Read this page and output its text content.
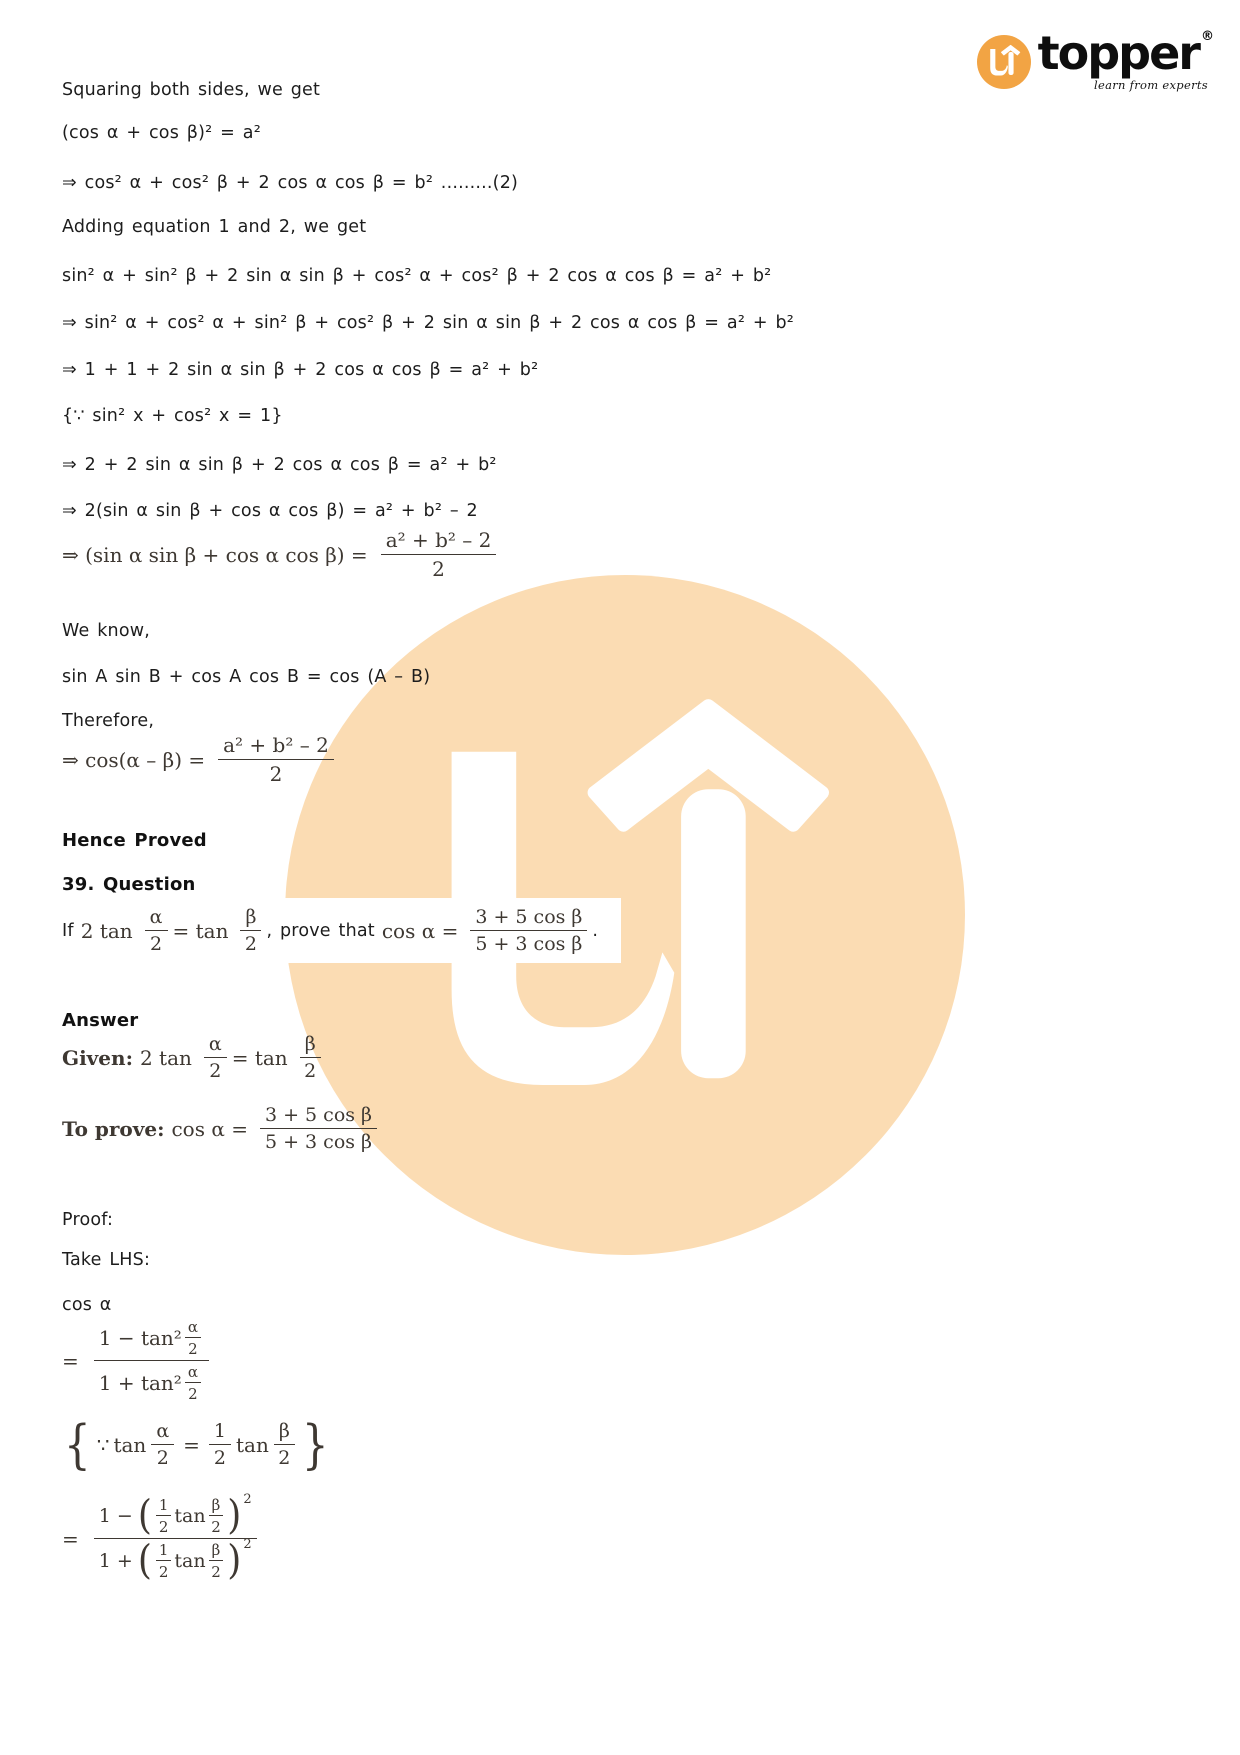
topper ®
learn from experts

Squaring both sides, we get

(cos α + cos β)² = a²

⇒ cos² α + cos² β + 2 cos α cos β = b² .........(2)

Adding equation 1 and 2, we get

sin² α + sin² β + 2 sin α sin β + cos² α + cos² β + 2 cos α cos β = a² + b²

⇒ sin² α + cos² α + sin² β + cos² β + 2 sin α sin β + 2 cos α cos β = a² + b²

⇒ 1 + 1 + 2 sin α sin β + 2 cos α cos β = a² + b²

{∵ sin² x + cos² x = 1}

⇒ 2 + 2 sin α sin β + 2 cos α cos β = a² + b²

⇒ 2(sin α sin β + cos α cos β) = a² + b² – 2

⇒ (sin α sin β + cos α $\cos \beta) = \frac{\text{a² + b² – 2}}{2}$

We know,

sin A sin B + cos A cos B = cos (A – B)

Therefore,

⇒ $\cos(\alpha - \beta) = \frac{\text{a² + b² – 2}}{2}$

Hence Proved

39. Question

If 2 $\tan \frac{\alpha}{2} = \tan \frac{\beta}{2}$ , prove that $\cos \alpha = \frac{\text{3 + 5 cos β}}{\text{5 + 3 cos β}}$ .

Answer

Given: 2 $\tan \frac{\alpha}{2} = \tan \frac{\beta}{2}$
To prove: $\cos \alpha = \frac{\text{3 + 5 cos β}}{\text{5 + 3 cos β}}$

Proof:

Take LHS:

cos α

= $\frac{1 - \tan^2 \frac{\alpha}{2}}{1 + \tan^2 \frac{\alpha}{2}}$
{ ∵ $\tan \frac{\alpha}{2} = \frac{1}{2}$ $\tan \frac{\beta}{2}$ }
=
1 − ( $\frac{1}{2}$ $\tan \frac{\beta}{2}$ ) 2
1 + ( $\frac{1}{2}$ $\tan \frac{\beta}{2}$ ) 2
